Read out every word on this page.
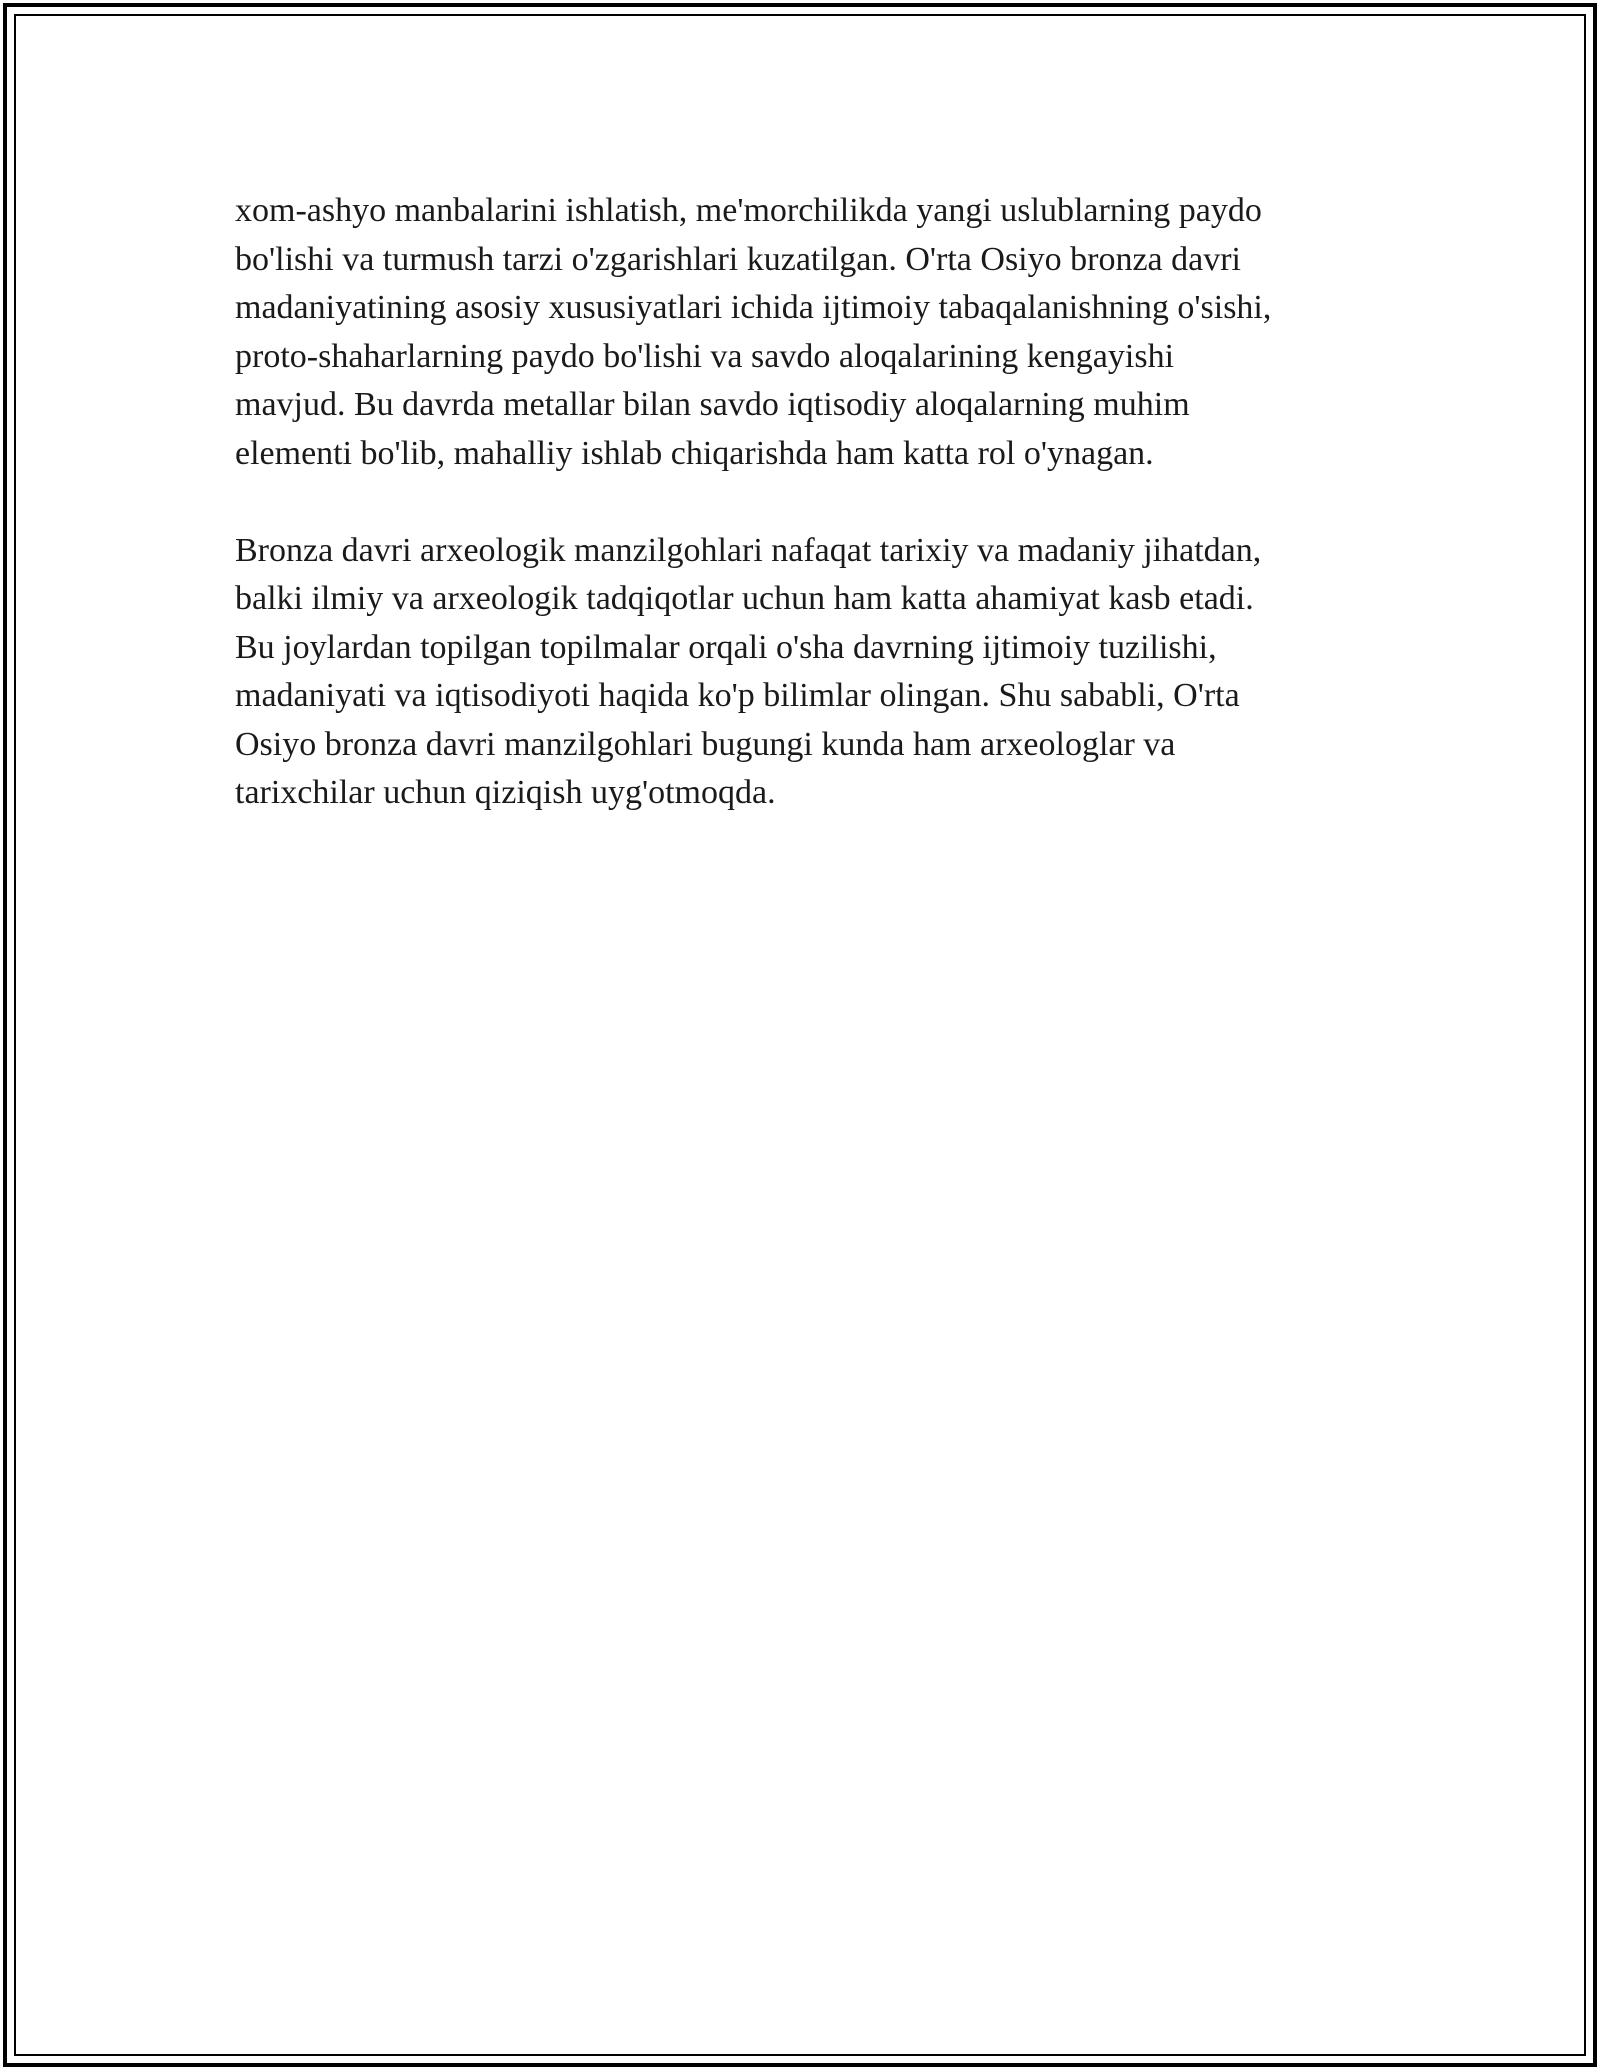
xom-ashyo manbalarini ishlatish, me'morchilikda yangi uslublarning paydo
bo'lishi va turmush tarzi o'zgarishlari kuzatilgan. O'rta Osiyo bronza davri
madaniyatining asosiy xususiyatlari ichida ijtimoiy tabaqalanishning o'sishi,
proto-shaharlarning paydo bo'lishi va savdo aloqalarining kengayishi
mavjud. Bu davrda metallar bilan savdo iqtisodiy aloqalarning muhim
elementi bo'lib, mahalliy ishlab chiqarishda ham katta rol o'ynagan.

Bronza davri arxeologik manzilgohlari nafaqat tarixiy va madaniy jihatdan,
balki ilmiy va arxeologik tadqiqotlar uchun ham katta ahamiyat kasb etadi.
Bu joylardan topilgan topilmalar orqali o'sha davrning ijtimoiy tuzilishi,
madaniyati va iqtisodiyoti haqida ko'p bilimlar olingan. Shu sababli, O'rta
Osiyo bronza davri manzilgohlari bugungi kunda ham arxeologlar va
tarixchilar uchun qiziqish uyg'otmoqda.
